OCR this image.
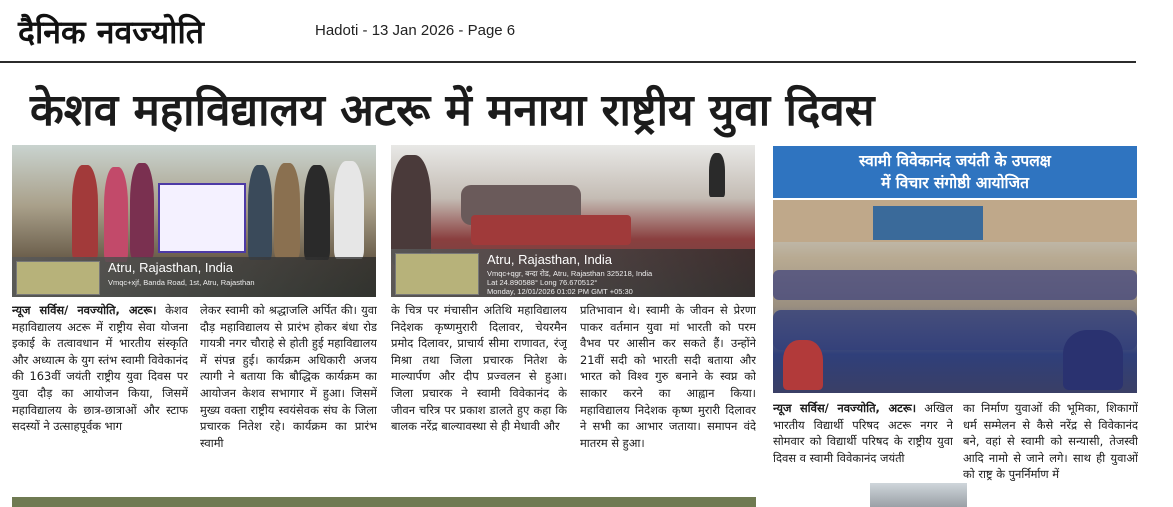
दैनिक नवज्योति	Hadoti - 13 Jan 2026 - Page 6
केशव महाविद्यालय अटरू में मनाया राष्ट्रीय युवा दिवस
Atru, Rajasthan, India
Vmqc+xjf, Banda Road, 1st, Atru, Rajasthan
Atru, Rajasthan, India
Vmqc+qgr, बन्दा रोड, Atru, Rajasthan 325218, India
Lat 24.890588° Long 76.670512°
Monday, 12/01/2026 01:02 PM GMT +05:30
स्वामी विवेकानंद जयंती के उपलक्ष
में विचार संगोष्ठी आयोजित
न्यूज सर्विस/ नवज्योति, अटरू। केशव महाविद्यालय अटरू में राष्ट्रीय सेवा योजना इकाई के तत्वावधान में भारतीय संस्कृति और अध्यात्म के युग स्तंभ स्वामी विवेकानंद की 163वीं जयंती राष्ट्रीय युवा दिवस पर युवा दौड़ का आयोजन किया, जिसमें महाविद्यालय के छात्र-छात्राओं और स्टाफ सदस्यों ने उत्साहपूर्वक भाग
लेकर स्वामी को श्रद्धाजलि अर्पित की। युवा दौड़ महाविद्यालय से प्रारंभ होकर बंधा रोड गायत्री नगर चौराहे से होती हुई महाविद्यालय में संपन्न हुई। कार्यक्रम अधिकारी अजय त्यागी ने बताया कि बौद्धिक कार्यक्रम का आयोजन केशव सभागार में हुआ। जिसमें मुख्य वक्ता राष्ट्रीय स्वयंसेवक संघ के जिला प्रचारक नितेश रहे। कार्यक्रम का प्रारंभ स्वामी
के चित्र पर मंचासीन अतिथि महाविद्यालय निदेशक कृष्णमुरारी दिलावर, चेयरमैन प्रमोद दिलावर, प्राचार्य सीमा राणावत, रंजू मिश्रा तथा जिला प्रचारक नितेश के माल्यार्पण और दीप प्रज्वलन से हुआ। जिला प्रचारक ने स्वामी विवेकानंद के जीवन चरित्र पर प्रकाश डालते हुए कहा कि बालक नरेंद्र बाल्यावस्था से ही मेधावी और
प्रतिभावान थे। स्वामी के जीवन से प्रेरणा पाकर वर्तमान युवा मां भारती को परम वैभव पर आसीन कर सकते हैं। उन्होंने 21वीं सदी को भारती सदी बताया और भारत को विश्व गुरु बनाने के स्वप्न को साकार करने का आह्वान किया। महाविद्यालय निदेशक कृष्ण मुरारी दिलावर ने सभी का आभार जताया। समापन वंदे मातरम से हुआ।
न्यूज सर्विस/ नवज्योति, अटरू। अखिल भारतीय विद्यार्थी परिषद अटरू नगर ने सोमवार को विद्यार्थी परिषद के राष्ट्रीय युवा दिवस व स्वामी विवेकानंद जयंती
का निर्माण युवाओं की भूमिका, शिकागों धर्म सम्मेलन से कैसे नरेंद्र से विवेकानंद बने, वहां से स्वामी को सन्यासी, तेजस्वी आदि नामो से जाने लगे। साथ ही युवाओं को राष्ट्र के पुनर्निर्माण में
